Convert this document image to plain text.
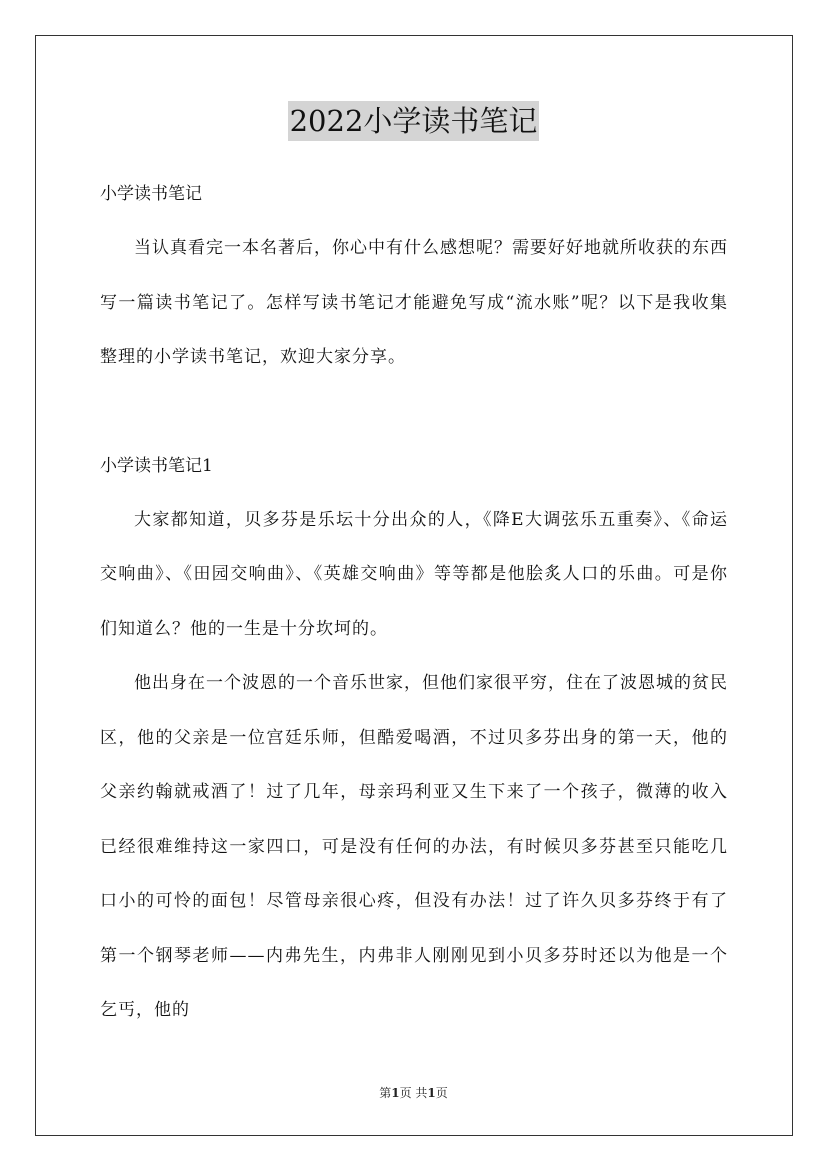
2022小学读书笔记

小学读书笔记

当认真看完一本名著后，你心中有什么感想呢？需要好好地就所收获的东西写一篇读书笔记了。怎样写读书笔记才能避免写成“流水账”呢？以下是我收集整理的小学读书笔记，欢迎大家分享。

小学读书笔记1

大家都知道，贝多芬是乐坛十分出众的人，《降E大调弦乐五重奏》、《命运交响曲》、《田园交响曲》、《英雄交响曲》等等都是他脍炙人口的乐曲。可是你们知道么？他的一生是十分坎坷的。

他出身在一个波恩的一个音乐世家，但他们家很平穷，住在了波恩城的贫民区，他的父亲是一位宫廷乐师，但酷爱喝酒，不过贝多芬出身的第一天，他的父亲约翰就戒酒了！过了几年，母亲玛利亚又生下来了一个孩子，微薄的收入已经很难维持这一家四口，可是没有任何的办法，有时候贝多芬甚至只能吃几口小的可怜的面包！尽管母亲很心疼，但没有办法！过了许久贝多芬终于有了第一个钢琴老师——内弗先生，内弗非人刚刚见到小贝多芬时还以为他是一个乞丐，他的

第1页 共1页
